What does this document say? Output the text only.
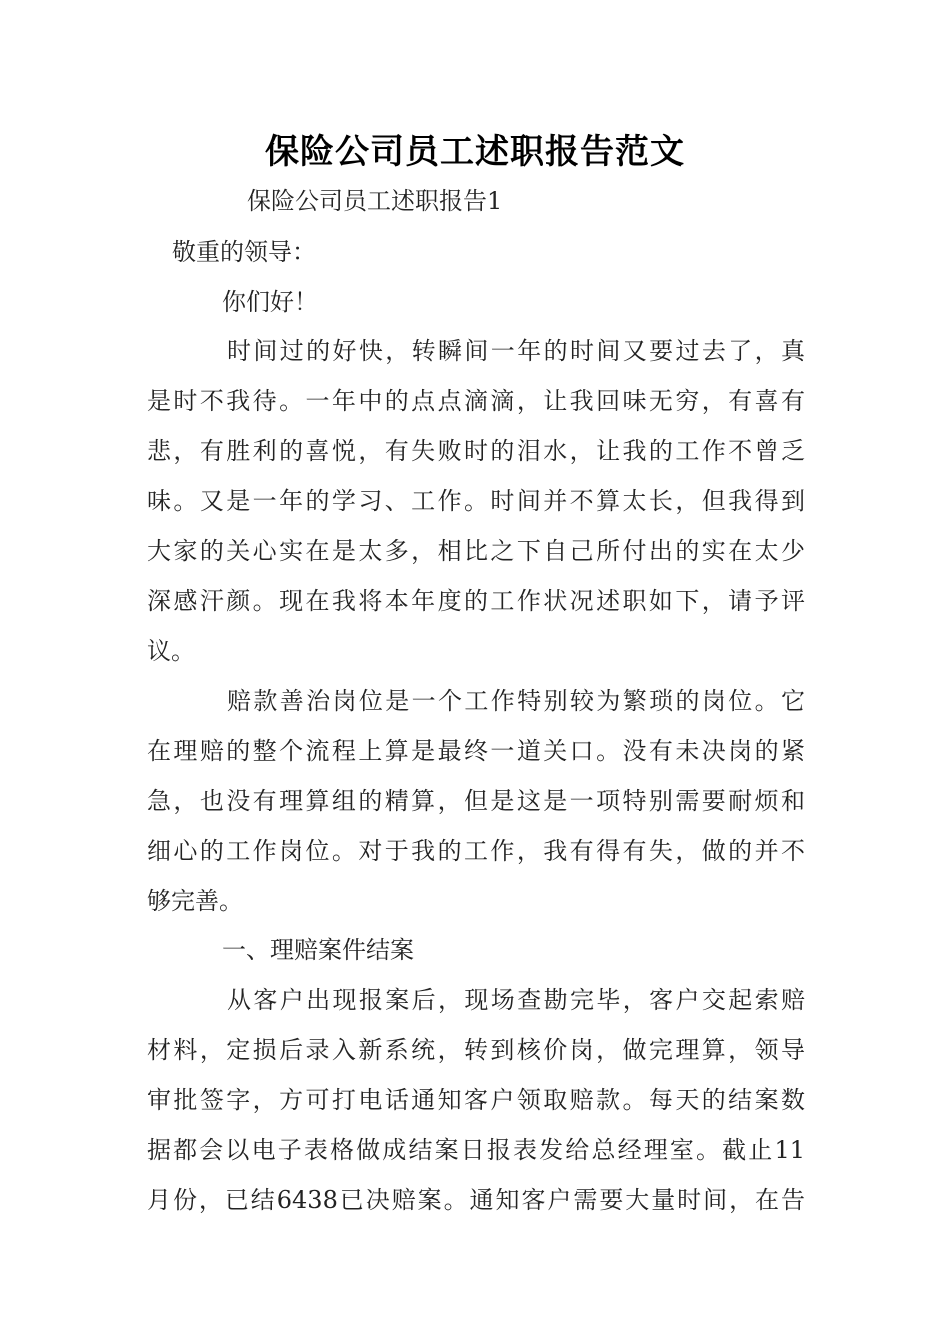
保险公司员工述职报告范文
保险公司员工述职报告1
敬重的领导：
你们好！
时间过的好快，转瞬间一年的时间又要过去了，真
是时不我待。一年中的点点滴滴，让我回味无穷，有喜有
悲，有胜利的喜悦，有失败时的泪水，让我的工作不曾乏
味。又是一年的学习、工作。时间并不算太长，但我得到
大家的关心实在是太多，相比之下自己所付出的实在太少
深感汗颜。现在我将本年度的工作状况述职如下，请予评
议。
赔款善治岗位是一个工作特别较为繁琐的岗位。它
在理赔的整个流程上算是最终一道关口。没有未决岗的紧
急，也没有理算组的精算，但是这是一项特别需要耐烦和
细心的工作岗位。对于我的工作，我有得有失，做的并不
够完善。
一、理赔案件结案
从客户出现报案后，现场查勘完毕，客户交起索赔
材料，定损后录入新系统，转到核价岗，做完理算，领导
审批签字，方可打电话通知客户领取赔款。每天的结案数
据都会以电子表格做成结案日报表发给总经理室。截止11
月份，已结6438已决赔案。通知客户需要大量时间，在告
